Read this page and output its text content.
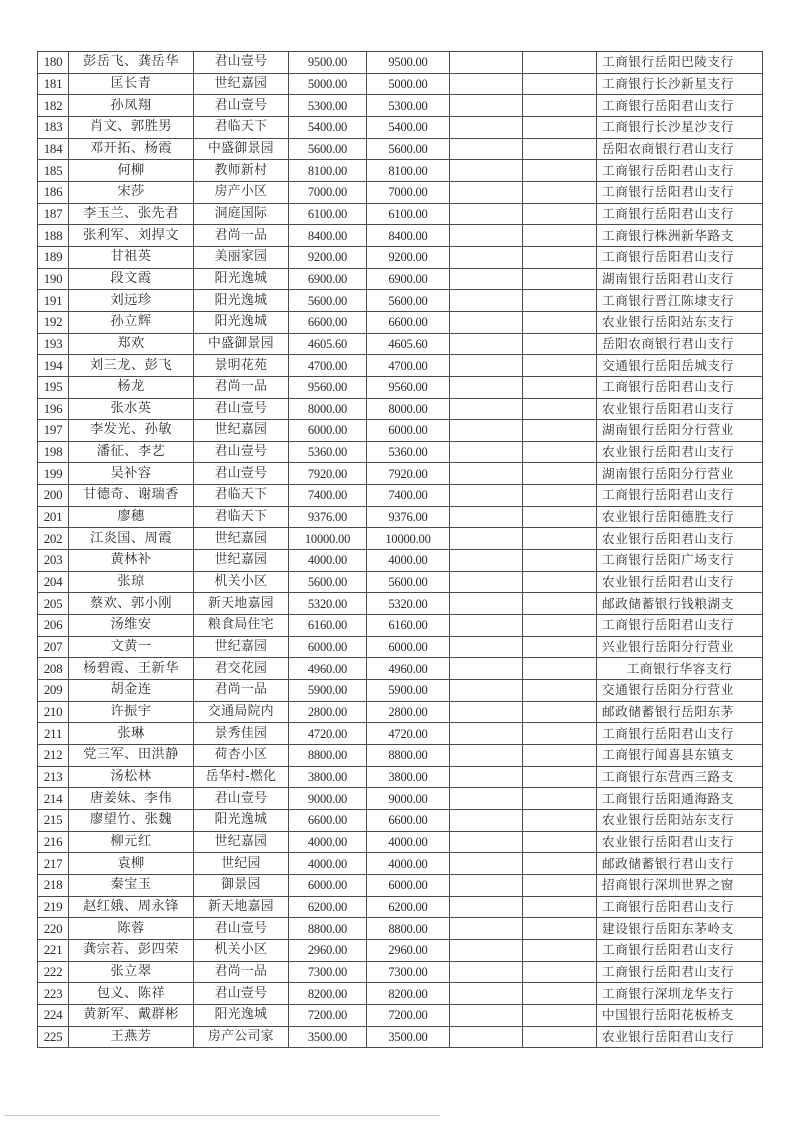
180	彭岳飞、龚岳华	君山壹号	9500.00	9500.00			工商银行岳阳巴陵支行
181	匡长青	世纪嘉园	5000.00	5000.00			工商银行长沙新星支行
182	孙凤翔	君山壹号	5300.00	5300.00			工商银行岳阳君山支行
183	肖文、郭胜男	君临天下	5400.00	5400.00			工商银行长沙星沙支行
184	邓开拓、杨霞	中盛御景园	5600.00	5600.00			岳阳农商银行君山支行
185	何柳	教师新村	8100.00	8100.00			工商银行岳阳君山支行
186	宋莎	房产小区	7000.00	7000.00			工商银行岳阳君山支行
187	李玉兰、张先君	洞庭国际	6100.00	6100.00			工商银行岳阳君山支行
188	张利军、刘捍文	君尚一品	8400.00	8400.00			工商银行株洲新华路支
189	甘祖英	美丽家园	9200.00	9200.00			工商银行岳阳君山支行
190	段文霞	阳光逸城	6900.00	6900.00			湖南银行岳阳君山支行
191	刘远珍	阳光逸城	5600.00	5600.00			工商银行晋江陈埭支行
192	孙立辉	阳光逸城	6600.00	6600.00			农业银行岳阳站东支行
193	郑欢	中盛御景园	4605.60	4605.60			岳阳农商银行君山支行
194	刘三龙、彭飞	景明花苑	4700.00	4700.00			交通银行岳阳岳城支行
195	杨龙	君尚一品	9560.00	9560.00			工商银行岳阳君山支行
196	张水英	君山壹号	8000.00	8000.00			农业银行岳阳君山支行
197	李发光、孙敏	世纪嘉园	6000.00	6000.00			湖南银行岳阳分行营业
198	潘征、李艺	君山壹号	5360.00	5360.00			农业银行岳阳君山支行
199	吴补容	君山壹号	7920.00	7920.00			湖南银行岳阳分行营业
200	甘德奇、谢瑞香	君临天下	7400.00	7400.00			工商银行岳阳君山支行
201	廖穗	君临天下	9376.00	9376.00			农业银行岳阳德胜支行
202	江炎国、周霞	世纪嘉园	10000.00	10000.00			农业银行岳阳君山支行
203	黄林补	世纪嘉园	4000.00	4000.00			工商银行岳阳广场支行
204	张琼	机关小区	5600.00	5600.00			农业银行岳阳君山支行
205	蔡欢、郭小刚	新天地嘉园	5320.00	5320.00			邮政储蓄银行钱粮湖支
206	汤维安	粮食局住宅	6160.00	6160.00			工商银行岳阳君山支行
207	文黄一	世纪嘉园	6000.00	6000.00			兴业银行岳阳分行营业
208	杨碧霞、王新华	君交花园	4960.00	4960.00			工商银行华容支行
209	胡金连	君尚一品	5900.00	5900.00			交通银行岳阳分行营业
210	许振宇	交通局院内	2800.00	2800.00			邮政储蓄银行岳阳东茅
211	张琳	景秀佳园	4720.00	4720.00			工商银行岳阳君山支行
212	党三军、田洪静	荷杏小区	8800.00	8800.00			工商银行闻喜县东镇支
213	汤松林	岳华村-燃化	3800.00	3800.00			工商银行东营西三路支
214	唐姜妹、李伟	君山壹号	9000.00	9000.00			工商银行岳阳通海路支
215	廖望竹、张魏	阳光逸城	6600.00	6600.00			农业银行岳阳站东支行
216	柳元红	世纪嘉园	4000.00	4000.00			农业银行岳阳君山支行
217	袁柳	世纪园	4000.00	4000.00			邮政储蓄银行君山支行
218	秦宝玉	御景园	6000.00	6000.00			招商银行深圳世界之窗
219	赵红娥、周永锋	新天地嘉园	6200.00	6200.00			工商银行岳阳君山支行
220	陈蓉	君山壹号	8800.00	8800.00			建设银行岳阳东茅岭支
221	龚宗若、彭四荣	机关小区	2960.00	2960.00			工商银行岳阳君山支行
222	张立翠	君尚一品	7300.00	7300.00			工商银行岳阳君山支行
223	包义、陈祥	君山壹号	8200.00	8200.00			工商银行深圳龙华支行
224	黄新军、戴群彬	阳光逸城	7200.00	7200.00			中国银行岳阳花板桥支
225	王燕芳	房产公司家	3500.00	3500.00			农业银行岳阳君山支行
